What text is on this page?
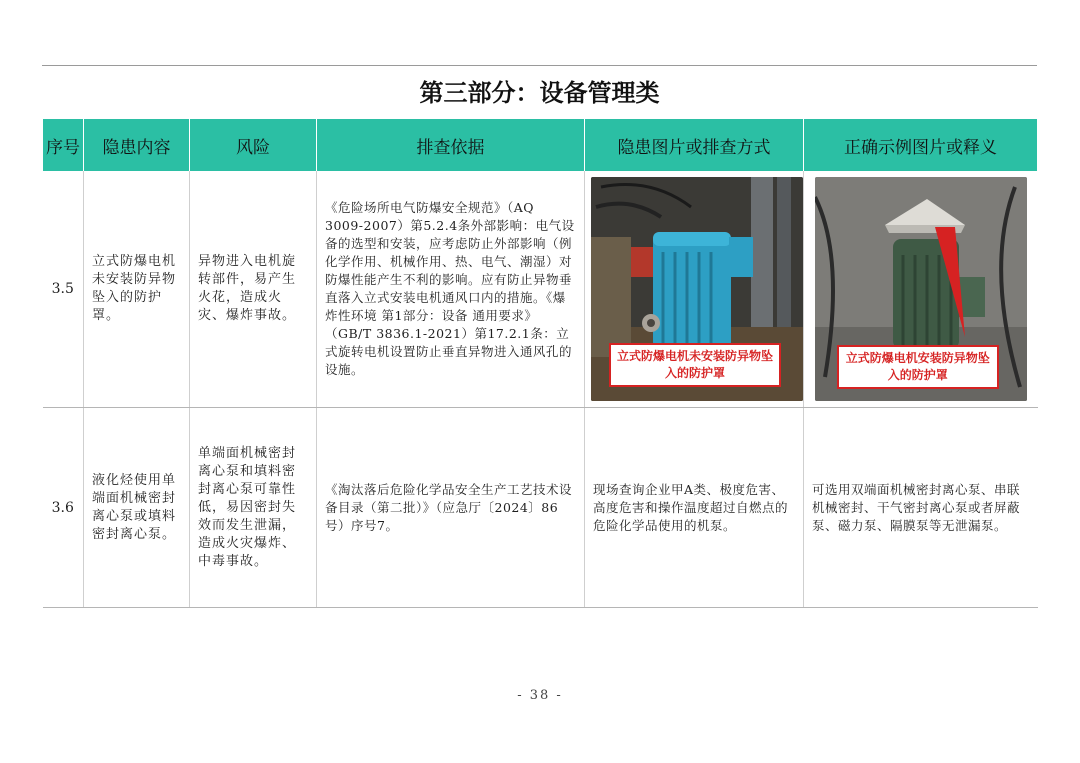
第三部分：设备管理类
序号	隐患内容	风险	排查依据	隐患图片或排查方式	正确示例图片或释义
3.5	立式防爆电机未安装防异物坠入的防护罩。	异物进入电机旋转部件，易产生火花，造成火灾、爆炸事故。	《危险场所电气防爆安全规范》（AQ 3009-2007）第5.2.4条外部影响：电气设备的选型和安装，应考虑防止外部影响（例化学作用、机械作用、热、电气、潮湿）对防爆性能产生不利的影响。应有防止异物垂直落入立式安装电机通风口内的措施。《爆炸性环境 第1部分：设备 通用要求》（GB/T 3836.1-2021）第17.2.1条：立式旋转电机设置防止垂直异物进入通风孔的设施。	立式防爆电机未安装防异物坠入的防护罩	立式防爆电机安装防异物坠入的防护罩

3.6	液化烃使用单端面机械密封离心泵或填料密封离心泵。	单端面机械密封离心泵和填料密封离心泵可靠性低，易因密封失效而发生泄漏，造成火灾爆炸、中毒事故。	《淘汰落后危险化学品安全生产工艺技术设备目录（第二批）》（应急厅〔2024〕86号）序号7。	现场查询企业甲A类、极度危害、高度危害和操作温度超过自燃点的危险化学品使用的机泵。	可选用双端面机械密封离心泵、串联机械密封、干气密封离心泵或者屏蔽泵、磁力泵、隔膜泵等无泄漏泵。
- 38 -
